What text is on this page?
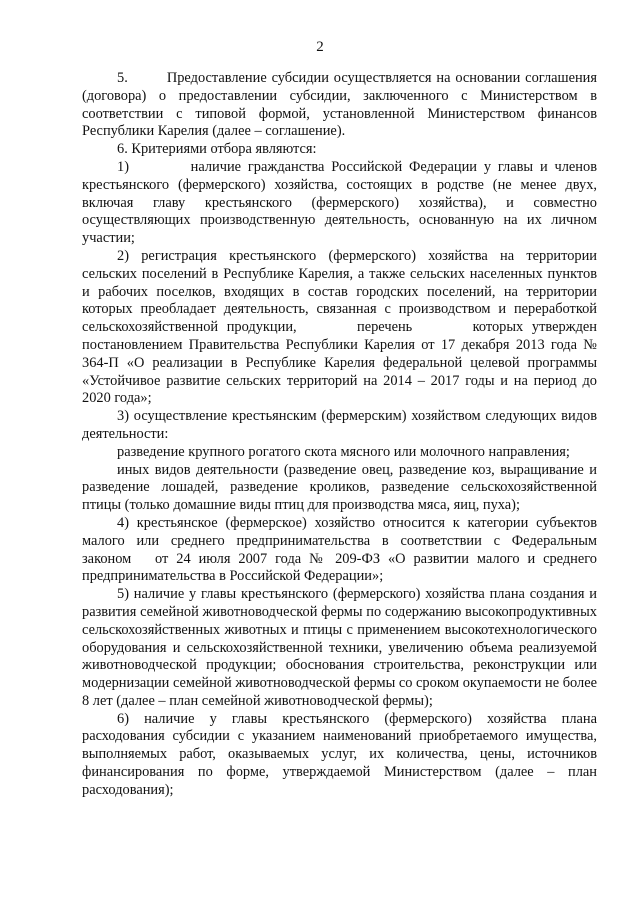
2

5.        Предоставление субсидии осуществляется на основании соглашения (договора) о предоставлении субсидии, заключенного с Министерством в соответствии с типовой формой, установленной Министерством финансов Республики Карелия (далее – соглашение).

6. Критериями отбора являются:

1)         наличие гражданства Российской Федерации у главы и членов крестьянского (фермерского) хозяйства, состоящих в родстве (не менее двух, включая главу крестьянского (фермерского) хозяйства), и совместно осуществляющих производственную деятельность, основанную на их личном участии;

2) регистрация крестьянского (фермерского) хозяйства на территории сельских поселений в Республике Карелия, а также сельских населенных пунктов и рабочих поселков, входящих в состав городских поселений, на территории которых преобладает деятельность, связанная с производством и переработкой сельскохозяйственной продукции,       перечень       которых утвержден постановлением Правительства Республики Карелия от 17 декабря 2013 года № 364-П «О реализации в Республике Карелия федеральной целевой программы «Устойчивое развитие сельских территорий на 2014 – 2017 годы и на период до 2020 года»;

3) осуществление крестьянским (фермерским) хозяйством следующих видов деятельности:

разведение крупного рогатого скота мясного или молочного направления;

иных видов деятельности (разведение овец, разведение коз, выращивание и разведение лошадей, разведение кроликов, разведение сельскохозяйственной птицы (только домашние виды птиц для производства мяса, яиц, пуха);

4) крестьянское (фермерское) хозяйство относится к категории субъектов малого или среднего предпринимательства в соответствии с Федеральным законом   от 24 июля 2007 года № 209-ФЗ «О развитии малого и среднего предпринимательства в Российской Федерации»;

5) наличие у главы крестьянского (фермерского) хозяйства плана создания и развития семейной животноводческой фермы по содержанию высокопродуктивных сельскохозяйственных животных и птицы с применением высокотехнологического оборудования и сельскохозяйственной техники, увеличению объема реализуемой животноводческой продукции; обоснования строительства, реконструкции или модернизации семейной животноводческой фермы со сроком окупаемости не более 8 лет (далее – план семейной животноводческой фермы);

6) наличие у главы крестьянского (фермерского) хозяйства плана расходования субсидии с указанием наименований приобретаемого имущества, выполняемых работ, оказываемых услуг, их количества, цены, источников финансирования по форме, утверждаемой Министерством (далее – план расходования);
